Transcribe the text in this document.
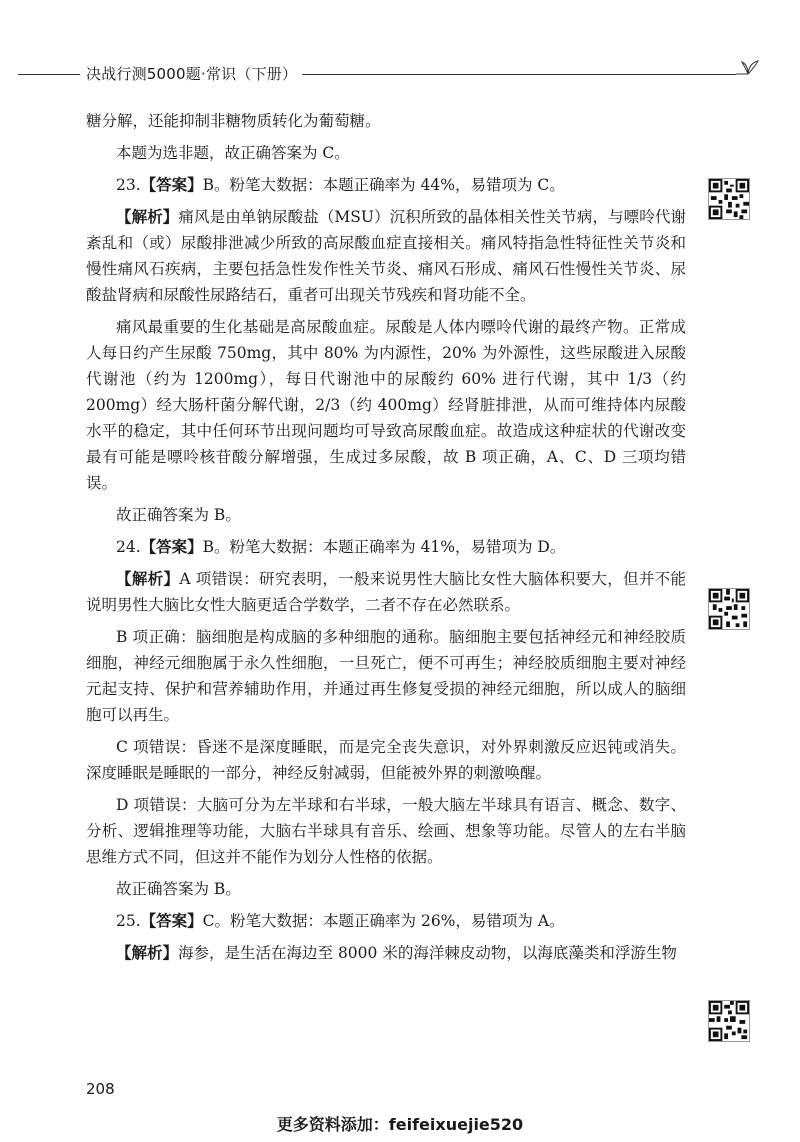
决战行测5000题·常识（下册）

糖分解，还能抑制非糖物质转化为葡萄糖。

本题为选非题，故正确答案为 C。

23.【答案】B。粉笔大数据：本题正确率为 44%，易错项为 C。

【解析】痛风是由单钠尿酸盐（MSU）沉积所致的晶体相关性关节病，与嘌呤代谢紊乱和（或）尿酸排泄减少所致的高尿酸血症直接相关。痛风特指急性特征性关节炎和慢性痛风石疾病，主要包括急性发作性关节炎、痛风石形成、痛风石性慢性关节炎、尿酸盐肾病和尿酸性尿路结石，重者可出现关节残疾和肾功能不全。

痛风最重要的生化基础是高尿酸血症。尿酸是人体内嘌呤代谢的最终产物。正常成人每日约产生尿酸 750mg，其中 80% 为内源性，20% 为外源性，这些尿酸进入尿酸代谢池（约为 1200mg），每日代谢池中的尿酸约 60% 进行代谢，其中 1/3（约 200mg）经大肠杆菌分解代谢，2/3（约 400mg）经肾脏排泄，从而可维持体内尿酸水平的稳定，其中任何环节出现问题均可导致高尿酸血症。故造成这种症状的代谢改变最有可能是嘌呤核苷酸分解增强，生成过多尿酸，故 B 项正确，A、C、D 三项均错误。

故正确答案为 B。

24.【答案】B。粉笔大数据：本题正确率为 41%，易错项为 D。

【解析】A 项错误：研究表明，一般来说男性大脑比女性大脑体积要大，但并不能说明男性大脑比女性大脑更适合学数学，二者不存在必然联系。

B 项正确：脑细胞是构成脑的多种细胞的通称。脑细胞主要包括神经元和神经胶质细胞，神经元细胞属于永久性细胞，一旦死亡，便不可再生；神经胶质细胞主要对神经元起支持、保护和营养辅助作用，并通过再生修复受损的神经元细胞，所以成人的脑细胞可以再生。

C 项错误：昏迷不是深度睡眠，而是完全丧失意识，对外界刺激反应迟钝或消失。深度睡眠是睡眠的一部分，神经反射减弱，但能被外界的刺激唤醒。

D 项错误：大脑可分为左半球和右半球，一般大脑左半球具有语言、概念、数字、分析、逻辑推理等功能，大脑右半球具有音乐、绘画、想象等功能。尽管人的左右半脑思维方式不同，但这并不能作为划分人性格的依据。

故正确答案为 B。

25.【答案】C。粉笔大数据：本题正确率为 26%，易错项为 A。

【解析】海参，是生活在海边至 8000 米的海洋棘皮动物，以海底藻类和浮游生物

208
更多资料添加：feifeixuejie520
